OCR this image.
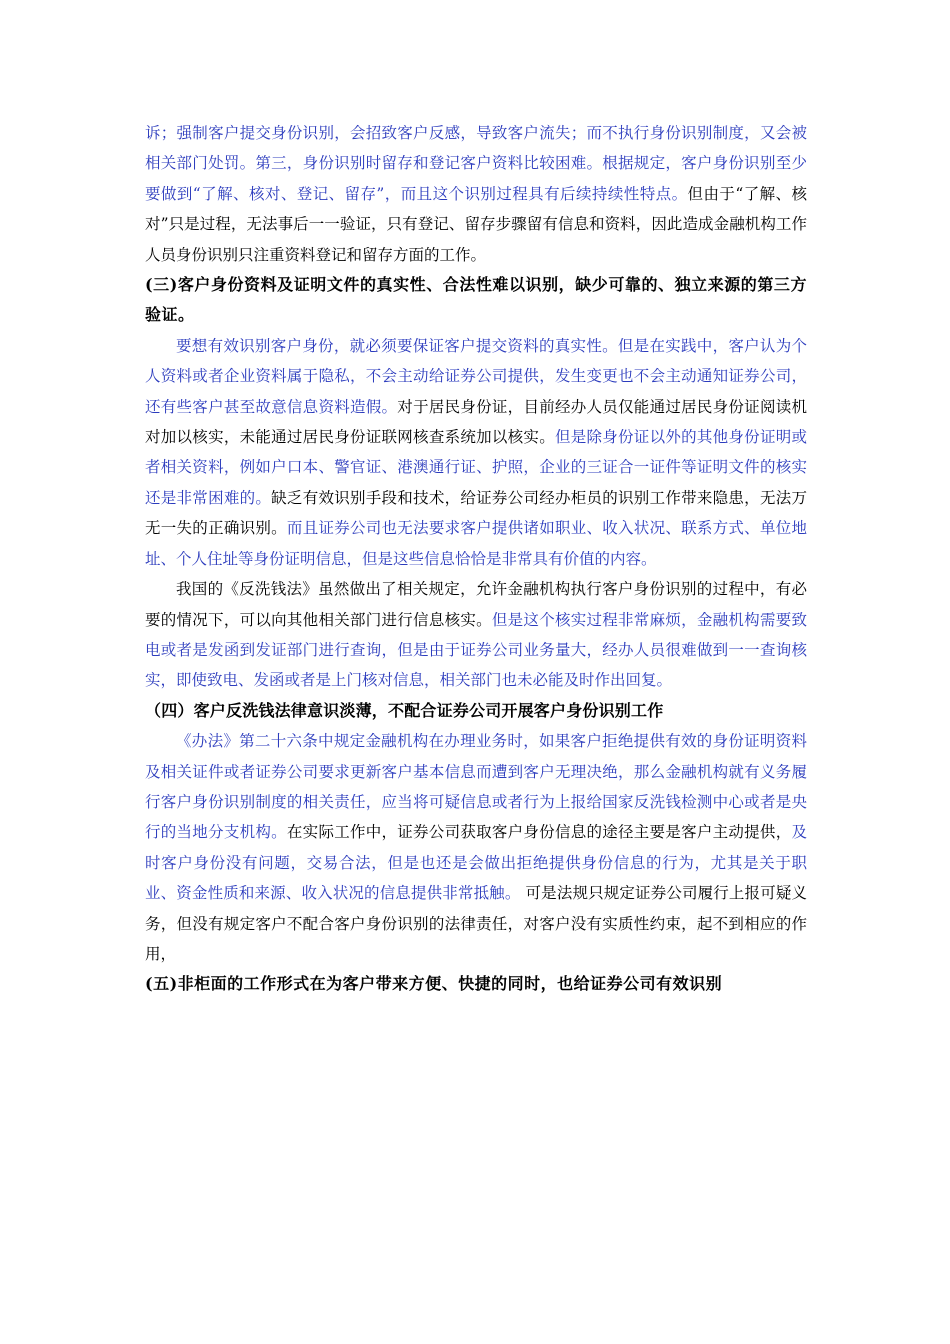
诉；强制客户提交身份识别，会招致客户反感，导致客户流失；而不执行身份识别制度，又会被相关部门处罚。第三，身份识别时留存和登记客户资料比较困难。根据规定，客户身份识别至少要做到“了解、核对、登记、留存”，而且这个识别过程具有后续持续性特点。但由于“了解、核对”只是过程，无法事后一一验证，只有登记、留存步骤留有信息和资料，因此造成金融机构工作人员身份识别只注重资料登记和留存方面的工作。

(三)客户身份资料及证明文件的真实性、合法性难以识别，缺少可靠的、独立来源的第三方验证。

要想有效识别客户身份，就必须要保证客户提交资料的真实性。但是在实践中，客户认为个人资料或者企业资料属于隐私，不会主动给证券公司提供，发生变更也不会主动通知证券公司，还有些客户甚至故意信息资料造假。对于居民身份证，目前经办人员仅能通过居民身份证阅读机对加以核实，未能通过居民身份证联网核查系统加以核实。但是除身份证以外的其他身份证明或者相关资料，例如户口本、警官证、港澳通行证、护照，企业的三证合一证件等证明文件的核实还是非常困难的。缺乏有效识别手段和技术，给证券公司经办柜员的识别工作带来隐患，无法万无一失的正确识别。而且证券公司也无法要求客户提供诸如职业、收入状况、联系方式、单位地址、个人住址等身份证明信息，但是这些信息恰恰是非常具有价值的内容。

我国的《反洗钱法》虽然做出了相关规定，允许金融机构执行客户身份识别的过程中，有必要的情况下，可以向其他相关部门进行信息核实。但是这个核实过程非常麻烦，金融机构需要致电或者是发函到发证部门进行查询，但是由于证券公司业务量大，经办人员很难做到一一查询核实，即使致电、发函或者是上门核对信息，相关部门也未必能及时作出回复。

（四）客户反洗钱法律意识淡薄，不配合证券公司开展客户身份识别工作

《办法》第二十六条中规定金融机构在办理业务时，如果客户拒绝提供有效的身份证明资料及相关证件或者证券公司要求更新客户基本信息而遭到客户无理决绝，那么金融机构就有义务履行客户身份识别制度的相关责任，应当将可疑信息或者行为上报给国家反洗钱检测中心或者是央行的当地分支机构。在实际工作中，证券公司获取客户身份信息的途径主要是客户主动提供，及时客户身份没有问题，交易合法，但是也还是会做出拒绝提供身份信息的行为，尤其是关于职业、资金性质和来源、收入状况的信息提供非常抵触。 可是法规只规定证券公司履行上报可疑义务，但没有规定客户不配合客户身份识别的法律责任，对客户没有实质性约束，起不到相应的作用，

(五)非柜面的工作形式在为客户带来方便、快捷的同时，也给证券公司有效识别
